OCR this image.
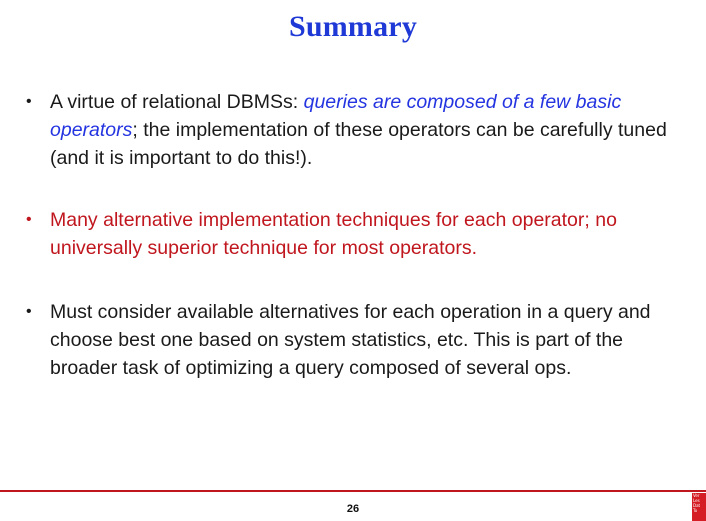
Summary
• A virtue of relational DBMSs: queries are composed of a few basic operators; the implementation of these operators can be carefully tuned (and it is important to do this!).
• Many alternative implementation techniques for each operator; no universally superior technique for most operators.
• Must consider available alternatives for each operation in a query and choose best one based on system statistics, etc. This is part of the broader task of optimizing a query composed of several ops.
26
Ver
Les
Dat
To
